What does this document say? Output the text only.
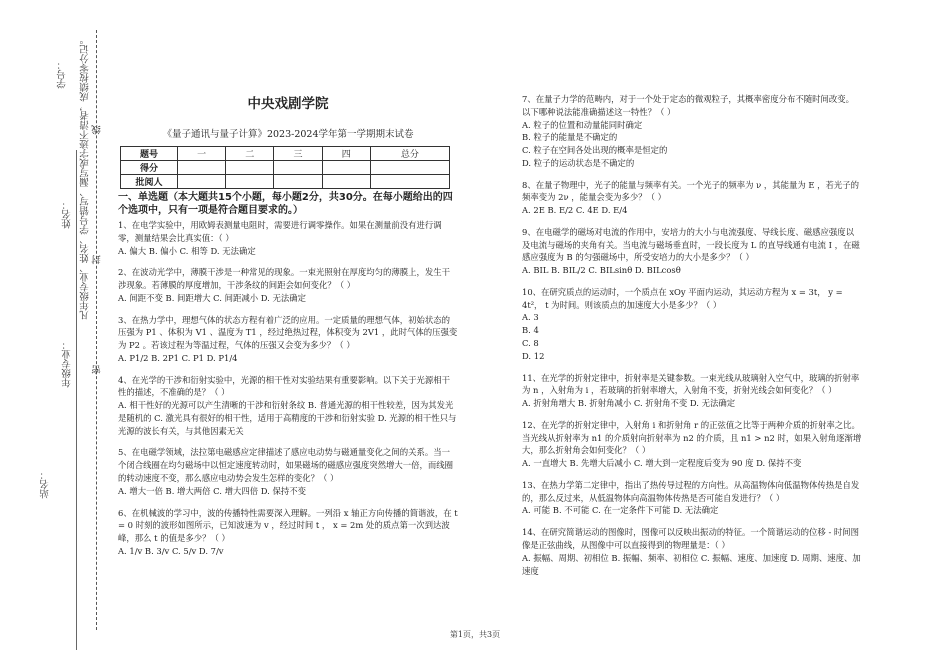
学号： 凡年级专业、姓名、学号错写、漏写或字迹不清者，成绩按零分记。 线
封
密
姓名：
年级专业：
站名：
中央戏剧学院
《量子通讯与量子计算》2023-2024学年第一学期期末试卷
题号	一	二	三	四	总分
得分					
批阅人					
一、单选题（本大题共15个小题，每小题2分，共30分。在每小题给出的四个选项中，只有一项是符合题目要求的。）
1、在电学实验中，用欧姆表测量电阻时，需要进行调零操作。如果在测量前没有进行调零，测量结果会比真实值：（ ）
A. 偏大 B. 偏小 C. 相等 D. 无法确定
2、在波动光学中，薄膜干涉是一种常见的现象。一束光照射在厚度均匀的薄膜上，发生干涉现象。若薄膜的厚度增加，干涉条纹的间距会如何变化？（ ）
A. 间距不变 B. 间距增大 C. 间距减小 D. 无法确定
3、在热力学中，理想气体的状态方程有着广泛的应用。一定质量的理想气体，初始状态的压强为 P1 、体积为 V1 、温度为 T1 ，经过绝热过程，体积变为 2V1 ，此时气体的压强变为 P2 。若该过程为等温过程，气体的压强又会变为多少？（ ）
A. P1/2 B. 2P1 C. P1 D. P1/4
4、在光学的干涉和衍射实验中，光源的相干性对实验结果有重要影响。以下关于光源相干性的描述，不准确的是？（ ）
A. 相干性好的光源可以产生清晰的干涉和衍射条纹 B. 普通光源的相干性较差，因为其发光是随机的 C. 激光具有很好的相干性，适用于高精度的干涉和衍射实验 D. 光源的相干性只与光源的波长有关，与其他因素无关
5、在电磁学领域，法拉第电磁感应定律描述了感应电动势与磁通量变化之间的关系。当一个闭合线圈在均匀磁场中以恒定速度转动时，如果磁场的磁感应强度突然增大一倍，而线圈的转动速度不变，那么感应电动势会发生怎样的变化？（ ）
A. 增大一倍 B. 增大两倍 C. 增大四倍 D. 保持不变
6、在机械波的学习中，波的传播特性需要深入理解。一列沿 x 轴正方向传播的简谐波，在 t = 0 时刻的波形如图所示，已知波速为 v ，经过时间 t ， x = 2m 处的质点第一次到达波峰，那么 t 的值是多少？（ ）
A. 1/v B. 3/v C. 5/v D. 7/v
7、在量子力学的范畴内，对于一个处于定态的微观粒子，其概率密度分布不随时间改变。以下哪种说法能准确描述这一特性？（ ）
A. 粒子的位置和动量能同时确定
B. 粒子的能量是不确定的
C. 粒子在空间各处出现的概率是恒定的
D. 粒子的运动状态是不确定的
8、在量子物理中，光子的能量与频率有关。一个光子的频率为 ν ，其能量为 E ，若光子的频率变为 2ν ，能量会变为多少？（ ）
A. 2E B. E/2 C. 4E D. E/4
9、在电磁学的磁场对电流的作用中，安培力的大小与电流强度、导线长度、磁感应强度以及电流与磁场的夹角有关。当电流与磁场垂直时，一段长度为 L 的直导线通有电流 I ，在磁感应强度为 B 的匀强磁场中，所受安培力的大小是多少？（ ）
A. BIL B. BIL/2 C. BILsinθ D. BILcosθ
10、在研究质点的运动时，一个质点在 xOy 平面内运动，其运动方程为 x = 3t， y = 4t²， t 为时间。则该质点的加速度大小是多少？（ ）
A. 3
B. 4
C. 8
D. 12
11、在光学的折射定律中，折射率是关键参数。一束光线从玻璃射入空气中，玻璃的折射率为 n ，入射角为 i ，若玻璃的折射率增大，入射角不变，折射光线会如何变化？（ ）
A. 折射角增大 B. 折射角减小 C. 折射角不变 D. 无法确定
12、在光学的折射定律中，入射角 i 和折射角 r 的正弦值之比等于两种介质的折射率之比。当光线从折射率为 n1 的介质射向折射率为 n2 的介质，且 n1 > n2 时，如果入射角逐渐增大，那么折射角会如何变化？（ ）
A. 一直增大 B. 先增大后减小 C. 增大到一定程度后变为 90 度 D. 保持不变
13、在热力学第二定律中，指出了热传导过程的方向性。从高温物体向低温物体传热是自发的，那么反过来，从低温物体向高温物体传热是否可能自发进行？（ ）
A. 可能 B. 不可能 C. 在一定条件下可能 D. 无法确定
14、在研究简谐运动的图像时，图像可以反映出振动的特征。一个简谐运动的位移 - 时间图像是正弦曲线，从图像中可以直接得到的物理量是：（ ）
A. 振幅、周期、初相位 B. 振幅、频率、初相位 C. 振幅、速度、加速度 D. 周期、速度、加速度
第1页，共3页
